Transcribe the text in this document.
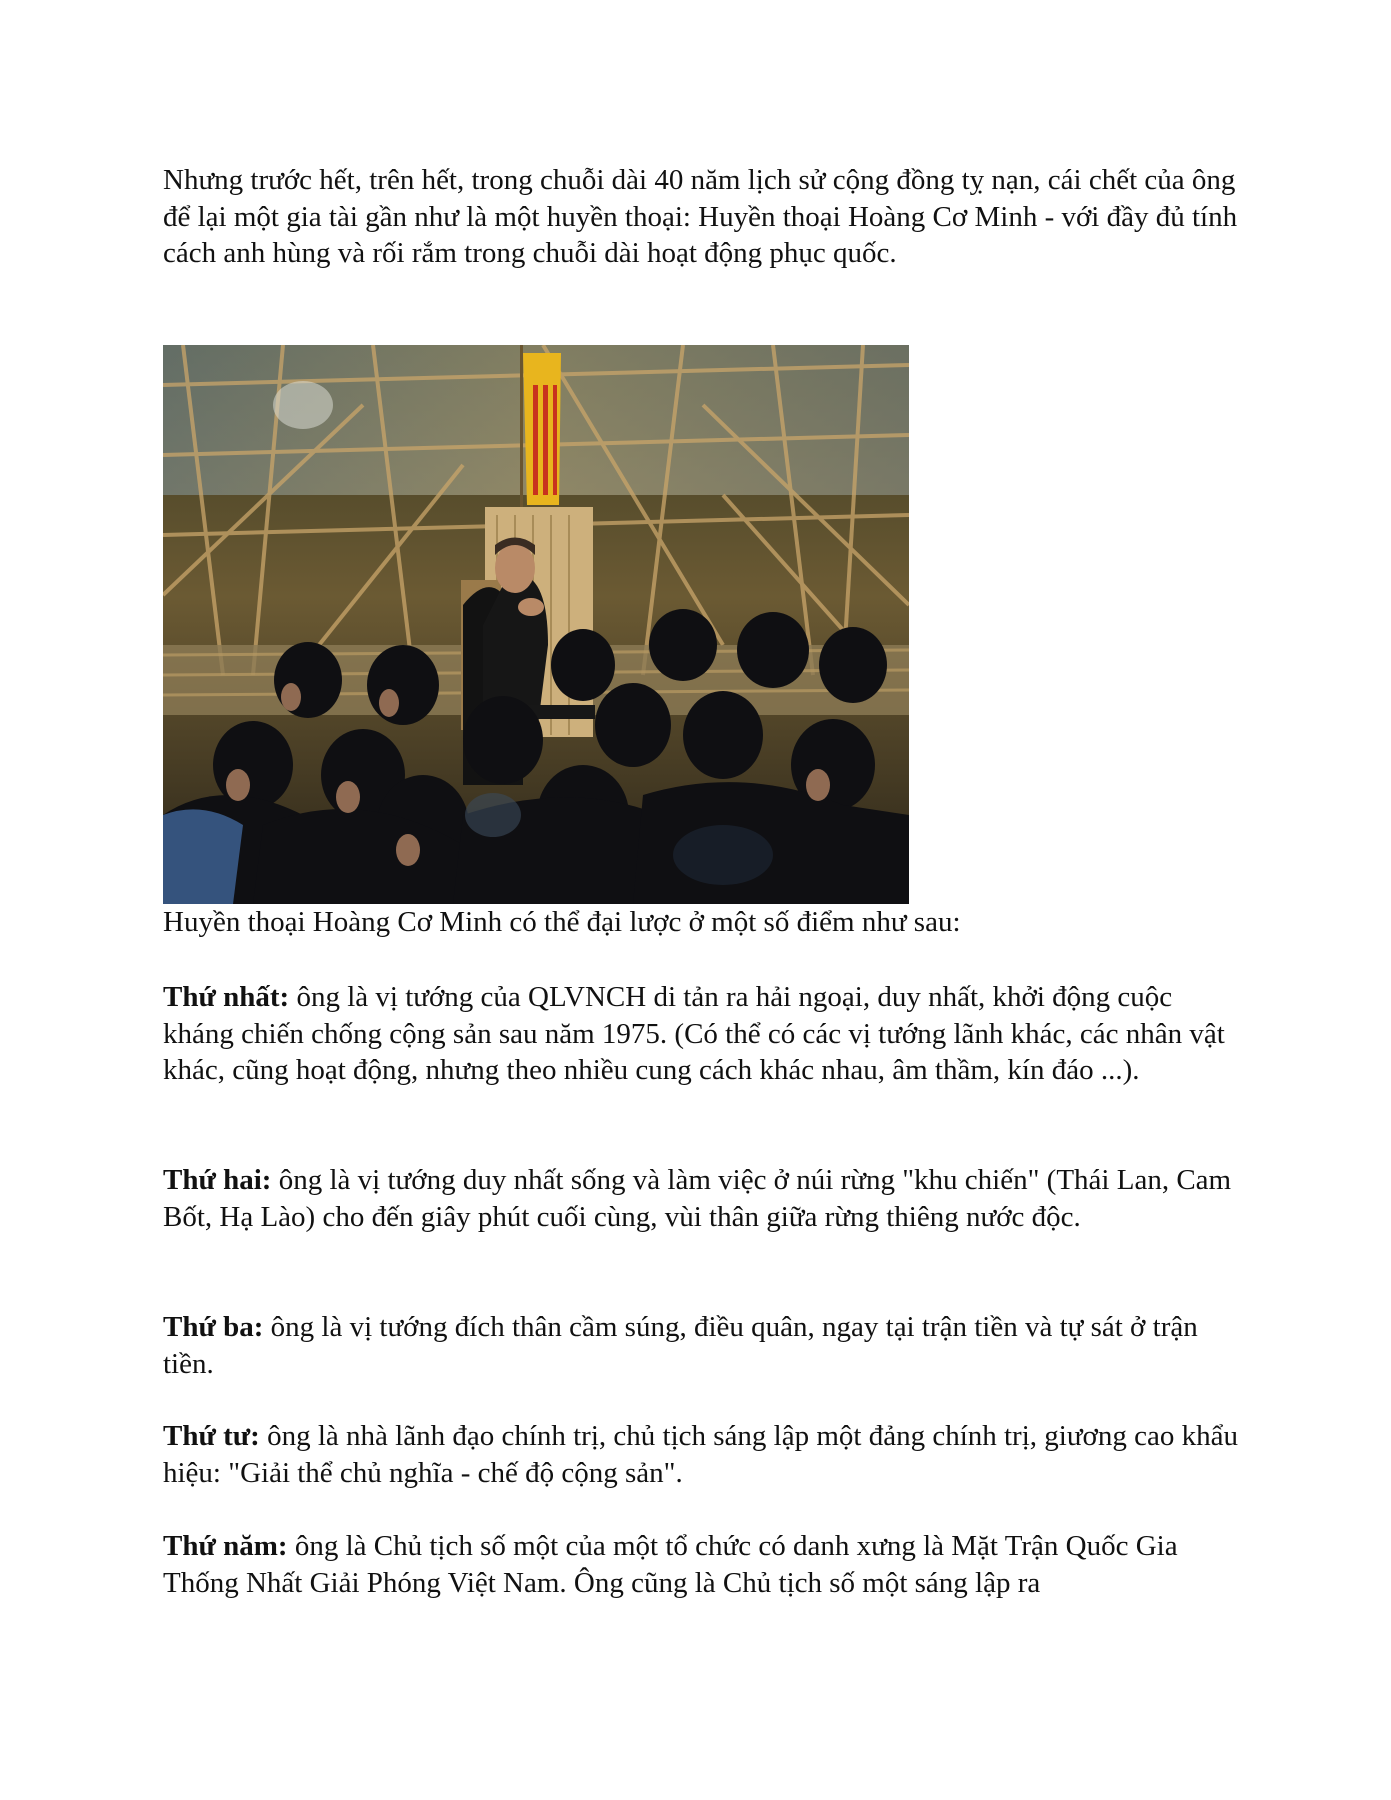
Nhưng trước hết, trên hết, trong chuỗi dài 40 năm lịch sử cộng đồng tỵ nạn, cái chết của ông để lại một gia tài gần như là một huyền thoại: Huyền thoại Hoàng Cơ Minh - với đầy đủ tính cách anh hùng và rối rắm trong chuỗi dài hoạt động phục quốc.

Huyền thoại Hoàng Cơ Minh có thể đại lược ở một số điểm như sau:

Thứ nhất: ông là vị tướng của QLVNCH di tản ra hải ngoại, duy nhất, khởi động cuộc kháng chiến chống cộng sản sau năm 1975. (Có thể có các vị tướng lãnh khác, các nhân vật khác, cũng hoạt động, nhưng theo nhiều cung cách khác nhau, âm thầm, kín đáo ...).

Thứ hai: ông là vị tướng duy nhất sống và làm việc ở núi rừng "khu chiến" (Thái Lan, Cam Bốt, Hạ Lào) cho đến giây phút cuối cùng, vùi thân giữa rừng thiêng nước độc.

Thứ ba: ông là vị tướng đích thân cầm súng, điều quân, ngay tại trận tiền và tự sát ở trận tiền.

Thứ tư: ông là nhà lãnh đạo chính trị, chủ tịch sáng lập một đảng chính trị, giương cao khẩu hiệu: "Giải thể chủ nghĩa - chế độ cộng sản".

Thứ năm: ông là Chủ tịch số một của một tổ chức có danh xưng là Mặt Trận Quốc Gia Thống Nhất Giải Phóng Việt Nam. Ông cũng là Chủ tịch số một sáng lập ra
